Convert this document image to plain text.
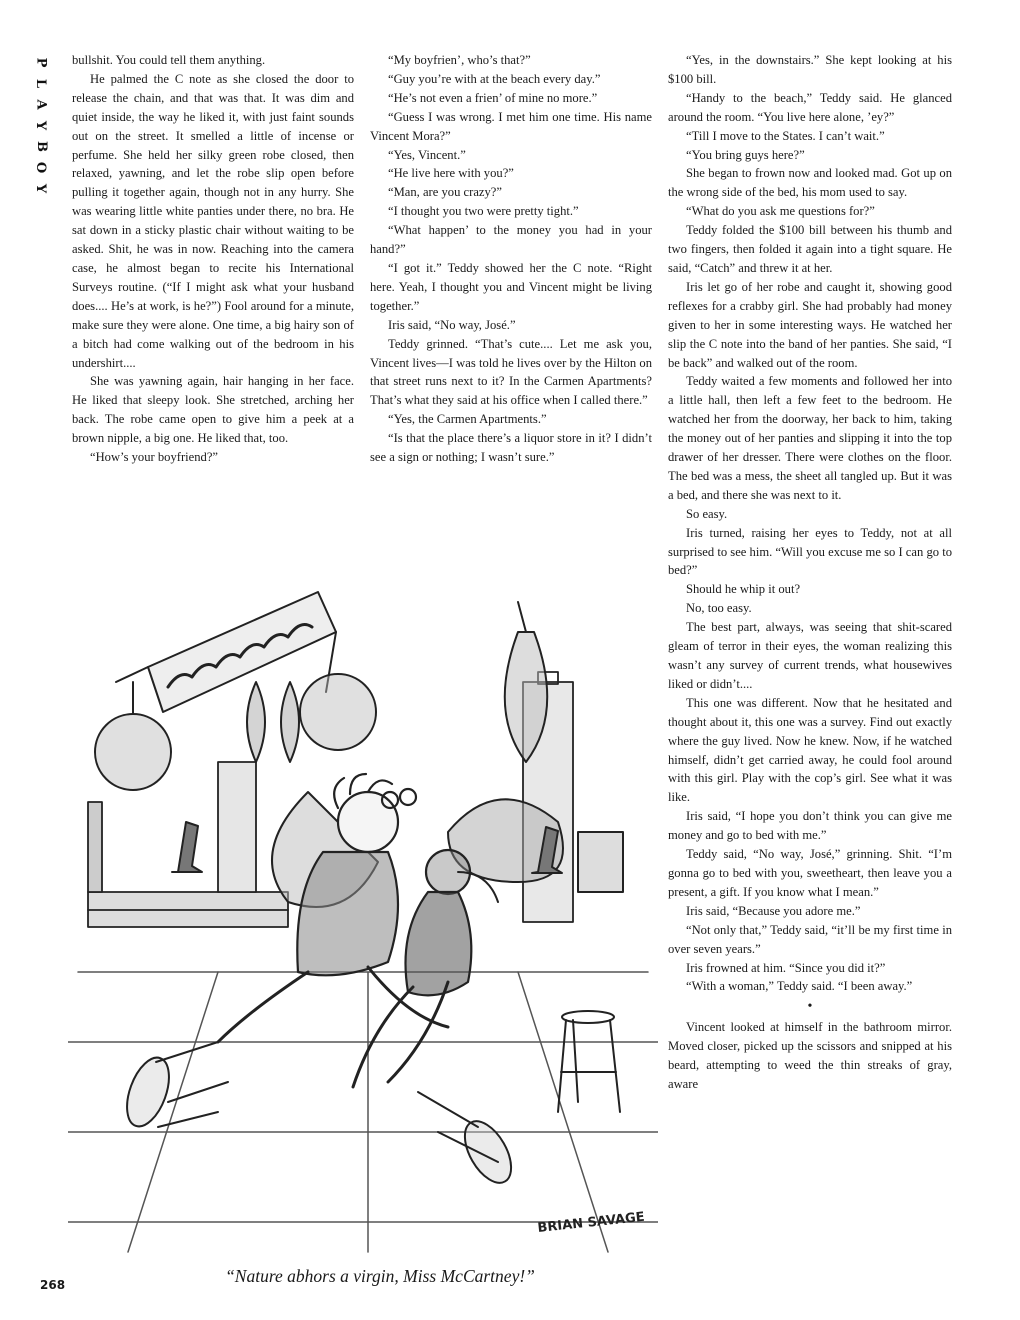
P
L
A
Y
B
O
Y

bullshit. You could tell them anything.

He palmed the C note as she closed the door to release the chain, and that was that. It was dim and quiet inside, the way he liked it, with just faint sounds out on the street. It smelled a little of incense or perfume. She held her silky green robe closed, then relaxed, yawning, and let the robe slip open before pulling it together again, though not in any hurry. She was wearing little white panties under there, no bra. He sat down in a sticky plastic chair without waiting to be asked. Shit, he was in now. Reaching into the camera case, he almost began to recite his International Surveys routine. (“If I might ask what your husband does.... He’s at work, is he?”) Fool around for a minute, make sure they were alone. One time, a big hairy son of a bitch had come walking out of the bedroom in his undershirt....

She was yawning again, hair hanging in her face. He liked that sleepy look. She stretched, arching her back. The robe came open to give him a peek at a brown nipple, a big one. He liked that, too.

“How’s your boyfriend?”

“My boyfrien’, who’s that?”

“Guy you’re with at the beach every day.”

“He’s not even a frien’ of mine no more.”

“Guess I was wrong. I met him one time. His name Vincent Mora?”

“Yes, Vincent.”

“He live here with you?”

“Man, are you crazy?”

“I thought you two were pretty tight.”

“What happen’ to the money you had in your hand?”

“I got it.” Teddy showed her the C note. “Right here. Yeah, I thought you and Vincent might be living together.”

Iris said, “No way, José.”

Teddy grinned. “That’s cute.... Let me ask you, Vincent lives—I was told he lives over by the Hilton on that street runs next to it? In the Carmen Apartments? That’s what they said at his office when I called there.”

“Yes, the Carmen Apartments.”

“Is that the place there’s a liquor store in it? I didn’t see a sign or nothing; I wasn’t sure.”

“Yes, in the downstairs.” She kept looking at his $100 bill.

“Handy to the beach,” Teddy said. He glanced around the room. “You live here alone, ’ey?”

“Till I move to the States. I can’t wait.”

“You bring guys here?”

She began to frown now and looked mad. Got up on the wrong side of the bed, his mom used to say.

“What do you ask me questions for?”

Teddy folded the $100 bill between his thumb and two fingers, then folded it again into a tight square. He said, “Catch” and threw it at her.

Iris let go of her robe and caught it, showing good reflexes for a crabby girl. She had probably had money given to her in some interesting ways. He watched her slip the C note into the band of her panties. She said, “I be back” and walked out of the room.

Teddy waited a few moments and followed her into a little hall, then left a few feet to the bedroom. He watched her from the doorway, her back to him, taking the money out of her panties and slipping it into the top drawer of her dresser. There were clothes on the floor. The bed was a mess, the sheet all tangled up. But it was a bed, and there she was next to it.

So easy.

Iris turned, raising her eyes to Teddy, not at all surprised to see him. “Will you excuse me so I can go to bed?”

Should he whip it out?

No, too easy.

The best part, always, was seeing that shit-scared gleam of terror in their eyes, the woman realizing this wasn’t any survey of current trends, what housewives liked or didn’t....

This one was different. Now that he hesitated and thought about it, this one was a survey. Find out exactly where the guy lived. Now he knew. Now, if he watched himself, didn’t get carried away, he could fool around with this girl. Play with the cop’s girl. See what it was like.

Iris said, “I hope you don’t think you can give me money and go to bed with me.”

Teddy said, “No way, José,” grinning. Shit. “I’m gonna go to bed with you, sweetheart, then leave you a present, a gift. If you know what I mean.”

Iris said, “Because you adore me.”

“Not only that,” Teddy said, “it’ll be my first time in over seven years.”

Iris frowned at him. “Since you did it?”

“With a woman,” Teddy said. “I been away.”

•

Vincent looked at himself in the bathroom mirror. Moved closer, picked up the scissors and snipped at his beard, attempting to weed the thin streaks of gray, aware

BRIAN SAVAGE
“Nature abhors a virgin, Miss McCartney!”
268
